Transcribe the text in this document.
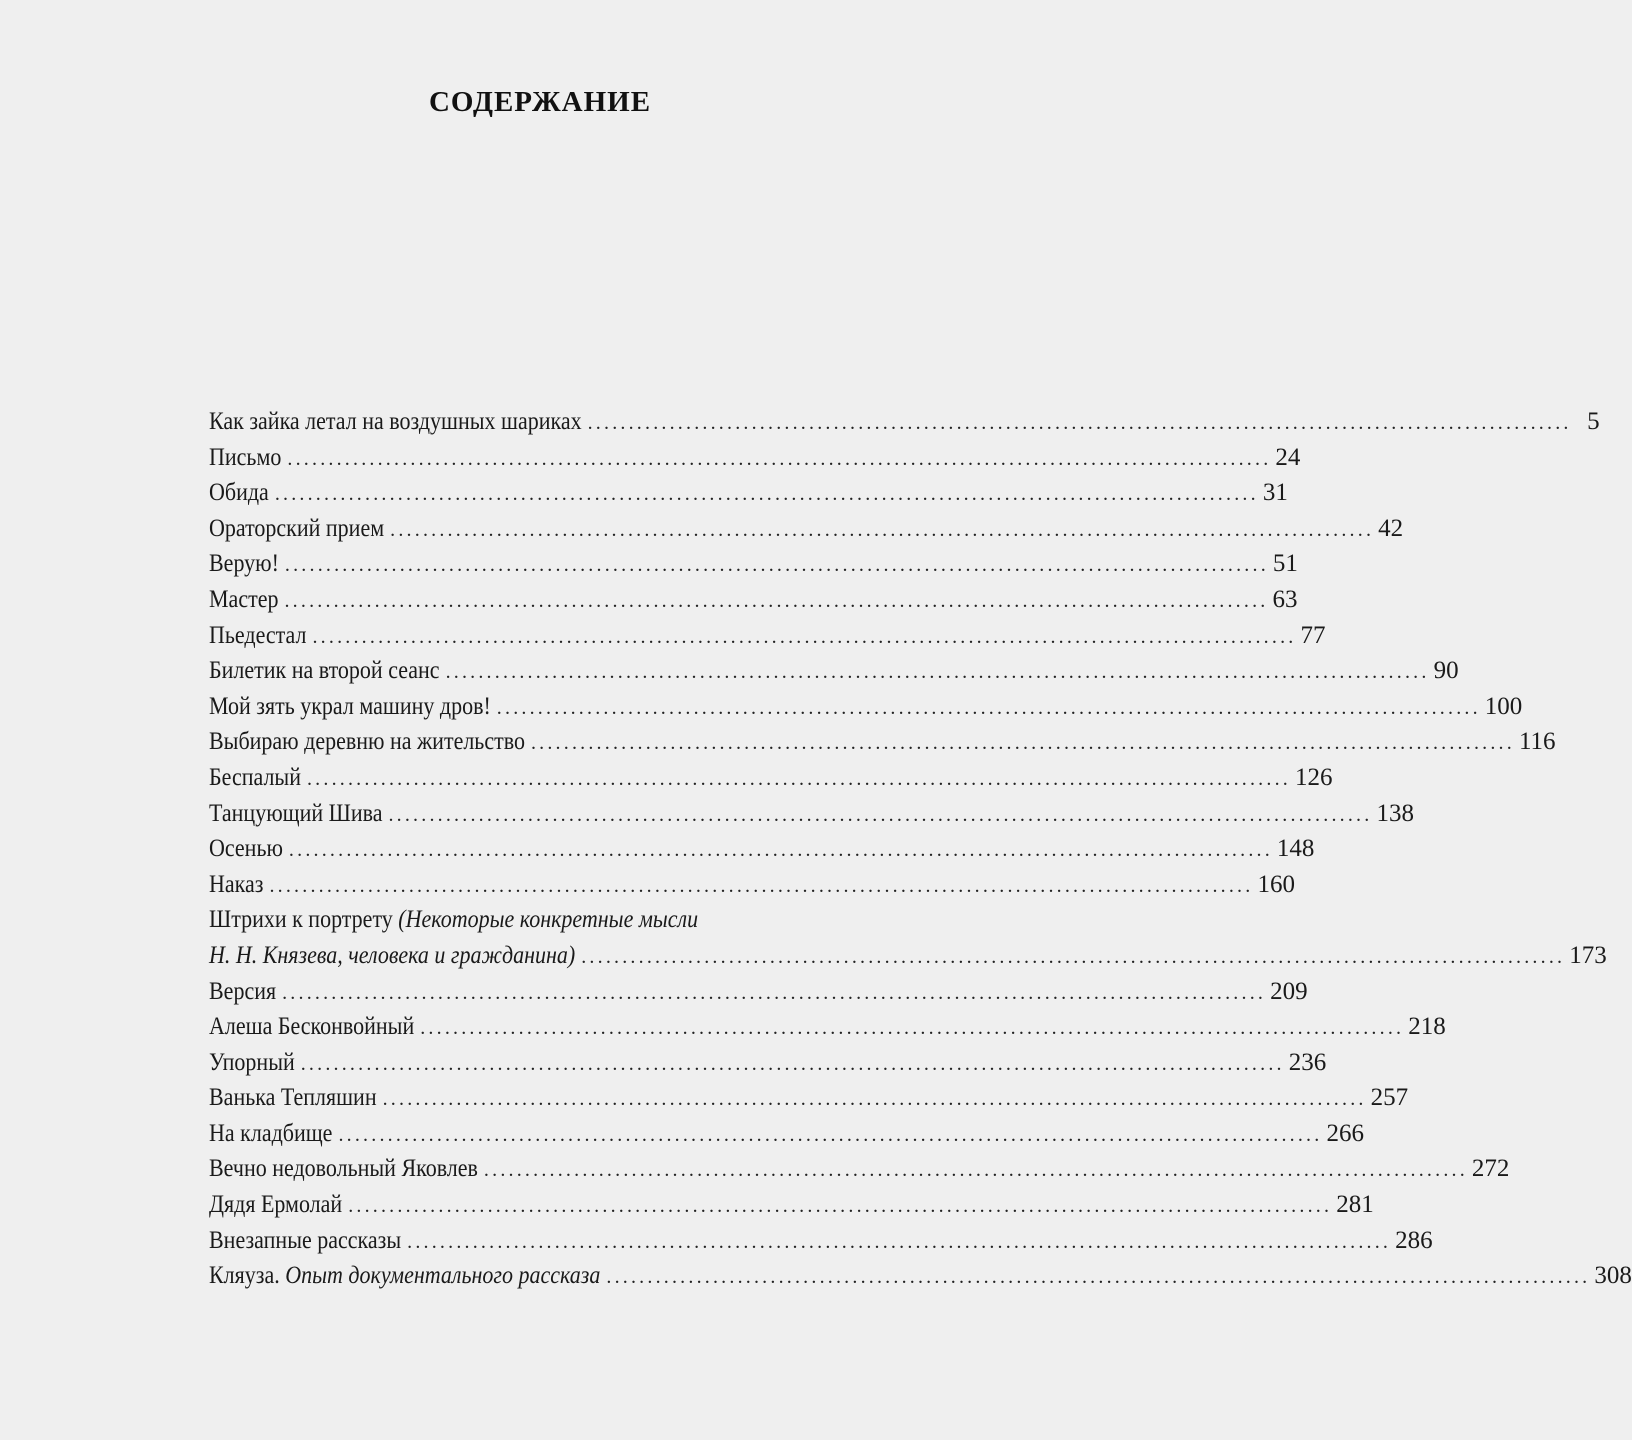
СОДЕРЖАНИЕ
Как зайка летал на воздушных шариках ........................................................................................................................ 5
Письмо ........................................................................................................................ 24
Обида ........................................................................................................................ 31
Ораторский прием ........................................................................................................................ 42
Верую! ........................................................................................................................ 51
Мастер ........................................................................................................................ 63
Пьедестал ........................................................................................................................ 77
Билетик на второй сеанс ........................................................................................................................ 90
Мой зять украл машину дров! ........................................................................................................................ 100
Выбираю деревню на жительство ........................................................................................................................ 116
Беспалый ........................................................................................................................ 126
Танцующий Шива ........................................................................................................................ 138
Осенью ........................................................................................................................ 148
Наказ ........................................................................................................................ 160
Штрихи к портрету (Некоторые конкретные мысли
Н. Н. Князева, человека и гражданина) ........................................................................................................................ 173
Версия ........................................................................................................................ 209
Алеша Бесконвойный ........................................................................................................................ 218
Упорный ........................................................................................................................ 236
Ванька Тепляшин ........................................................................................................................ 257
На кладбище ........................................................................................................................ 266
Вечно недовольный Яковлев ........................................................................................................................ 272
Дядя Ермолай ........................................................................................................................ 281
Внезапные рассказы ........................................................................................................................ 286
Кляуза. Опыт документального рассказа ........................................................................................................................ 308
